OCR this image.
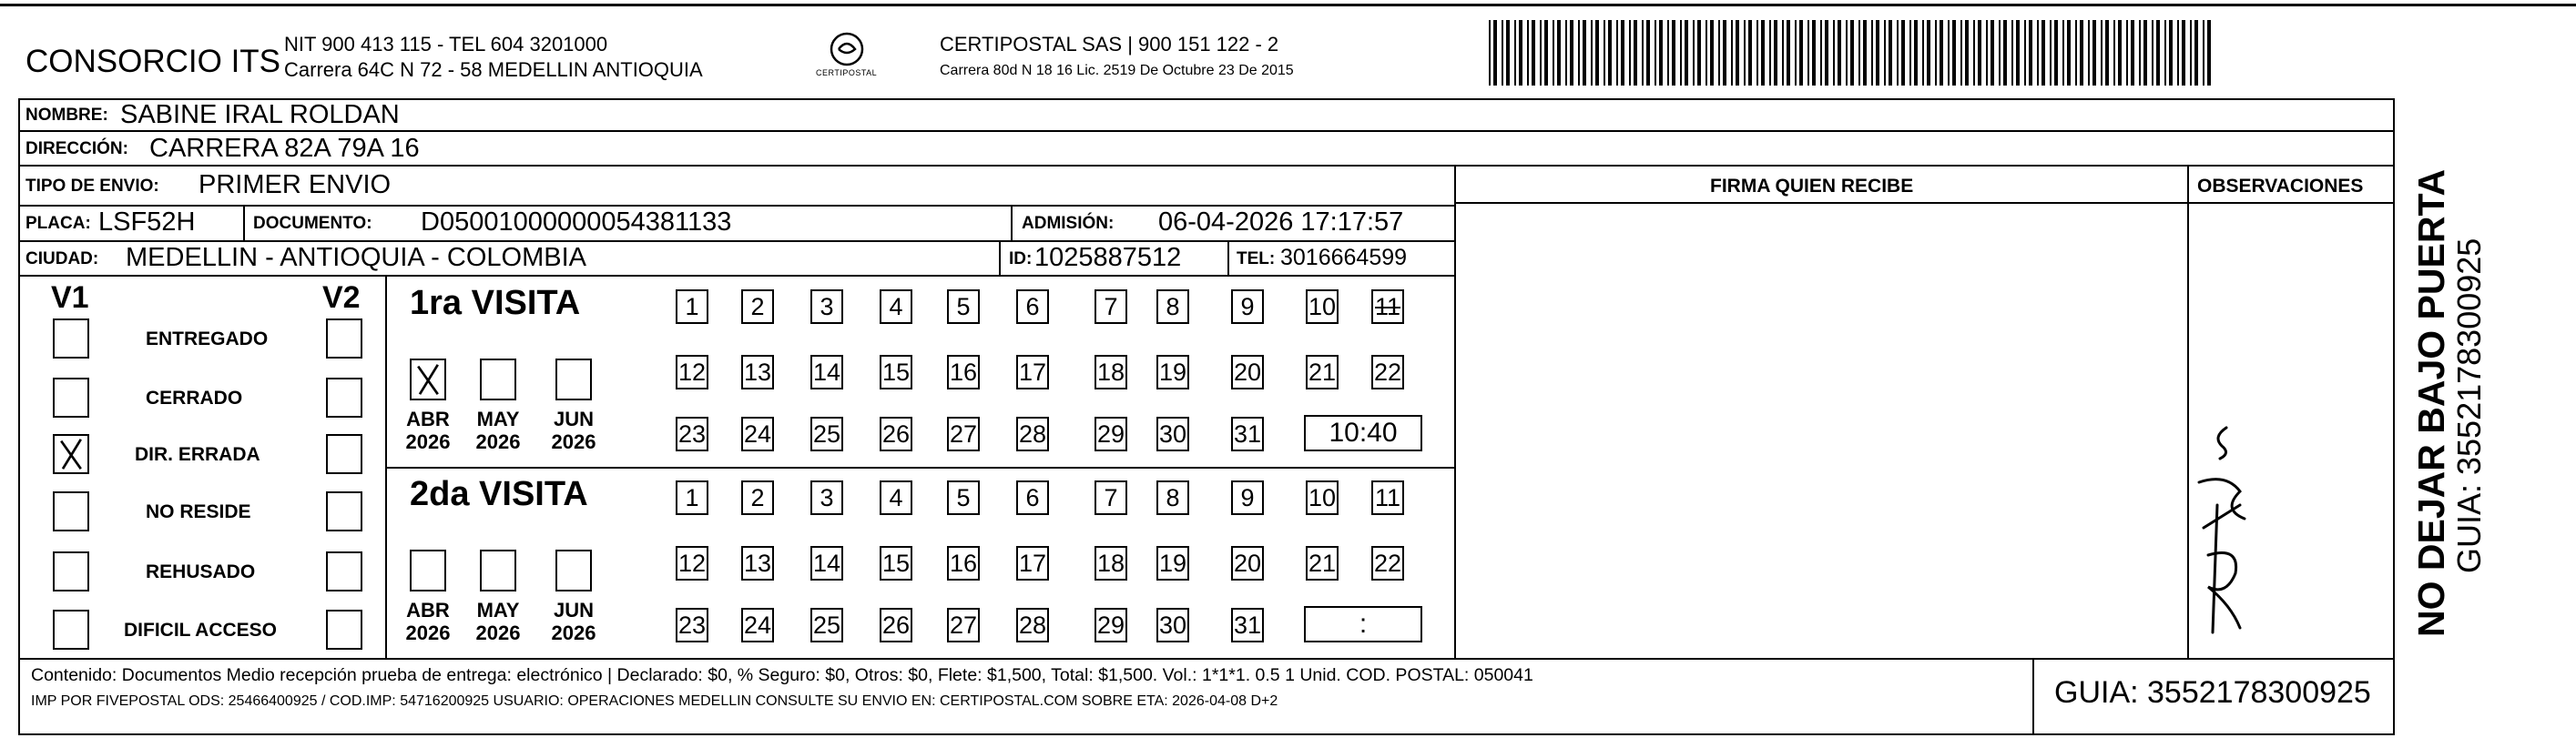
CONSORCIO ITS NIT 900 413 115 - TEL 604 3201000
Carrera 64C N 72 - 58 MEDELLIN ANTIOQUIA	CERTIPOSTAL
CERTIPOSTAL SAS | 900 151 122 - 2
Carrera 80d N 18 16 Lic. 2519 De Octubre 23 De 2015
NOMBRE: SABINE IRAL ROLDAN
DIRECCIÓN: CARRERA 82A 79A 16
TIPO DE ENVIO: PRIMER ENVIO	FIRMA QUIEN RECIBE	OBSERVACIONES
PLACA: LSF52H	DOCUMENTO: D05001000000054381133	ADMISIÓN: 06-04-2026 17:17:57
CIUDAD: MEDELLIN - ANTIOQUIA - COLOMBIA	ID: 1025887512	TEL: 3016664599
V1	V2
ENTREGADO
CERRADO
DIR. ERRADA
NO RESIDE
REHUSADO
DIFICIL ACCESO
1ra VISITA
ABR
2026
MAY
2026
JUN
2026
1	2	3	4	5	6	7	8	9	10 11
12 13 14 15 16 17 18 19 20 21 22
23 24 25 26 27 28 29 30 31	10:40
2da VISITA
ABR
2026
MAY
2026
JUN
2026
1	2	3	4	5	6	7	8	9	10 11
12 13 14 15 16 17 18 19 20 21 22
23 24 25 26 27 28 29 30 31	:
Contenido: Documentos Medio recepción prueba de entrega: electrónico | Declarado: $0, % Seguro: $0, Otros: $0, Flete: $1,500, Total: $1,500. Vol.: 1*1*1. 0.5 1 Unid. COD. POSTAL: 050041
IMP POR FIVEPOSTAL ODS: 25466400925 / COD.IMP: 54716200925 USUARIO: OPERACIONES MEDELLIN CONSULTE SU ENVIO EN: CERTIPOSTAL.COM SOBRE ETA: 2026-04-08 D+2	GUIA: 3552178300925
NO DEJAR BAJO PUERTA
GUIA: 3552178300925
